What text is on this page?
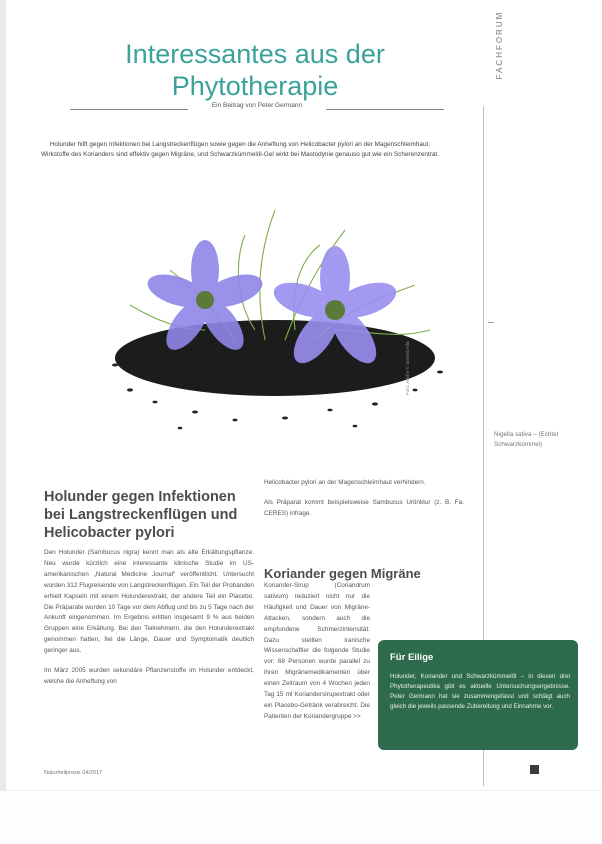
FACHFORUM
Interessantes aus der Phytotherapie
Ein Beitrag von Peter Germann
Holunder hilft gegen Infektionen bei Langstreckenflügen sowie gegen die Anheftung von Helicobacter pylori an der Magenschleimhaut. Wirkstoffe des Korianders sind effektiv gegen Migräne, und Schwarzkümmelöl-Gel wirkt bei Mastodynie genauso gut wie ein Scherenzentrat.
Foto: Adobe © Scisetti Alfio
Nigella sativa – (Echter Schwarzkümmel)
Holunder gegen Infektionen bei Langstreckenflügen und Helicobacter pylori

Den Holunder (Sambucus nigra) kennt man als alte Erkältungspflanze. Neu wurde kürzlich eine interessante klinische Studie im US-amerikanischen „Natural Medicine Journal“ veröffentlicht. Untersucht wurden 312 Flugreisende von Langstreckenflügen. Ein Teil der Probanden erhielt Kapseln mit einem Holunderextrakt, der andere Teil ein Placebo. Die Präparate wurden 10 Tage vor dem Abflug und bis zu 5 Tage nach der Ankunft eingenommen. Im Ergebnis erlitten insgesamt 9 % aus beiden Gruppen eine Erkältung. Bei den Teilnehmern, die den Holunderextrakt genommen hatten, fiel die Länge, Dauer und Symptomatik deutlich geringer aus.

Im März 2005 wurden sekundäre Pflanzenstoffe im Holunder entdeckt, welche die Anheftung von

Helicobacter pylori an der Magenschleimhaut verhindern.

Als Präparat kommt beispielsweise Sambucus Urtinktur (z. B. Fa. CERES) infrage.

Koriander gegen Migräne

Koriander-Sirup (Coriandrum sativum) reduziert nicht nur die Häufigkeit und Dauer von Migräne-Attacken, sondern auch die empfundene Schmerzintensität. Dazu stellten iranische Wissenschaftler die folgende Studie vor: 68 Personen wurde parallel zu ihren Migränemedikamenten über einen Zeitraum von 4 Wochen jeden Tag 15 ml Koriandersirupextrakt oder ein Placebo-Getränk verabreicht. Die Patienten der Koriandergruppe >>

Für Eilige
Holunder, Koriander und Schwarzkümmelöl – in diesen drei Phytotherapeutika gibt es aktuelle Untersuchungsergebnisse. Peter Germann hat sie zusammengefasst und schlägt auch gleich die jeweils passende Zubereitung und Einnahme vor.
Naturheilpraxis 04/2017
